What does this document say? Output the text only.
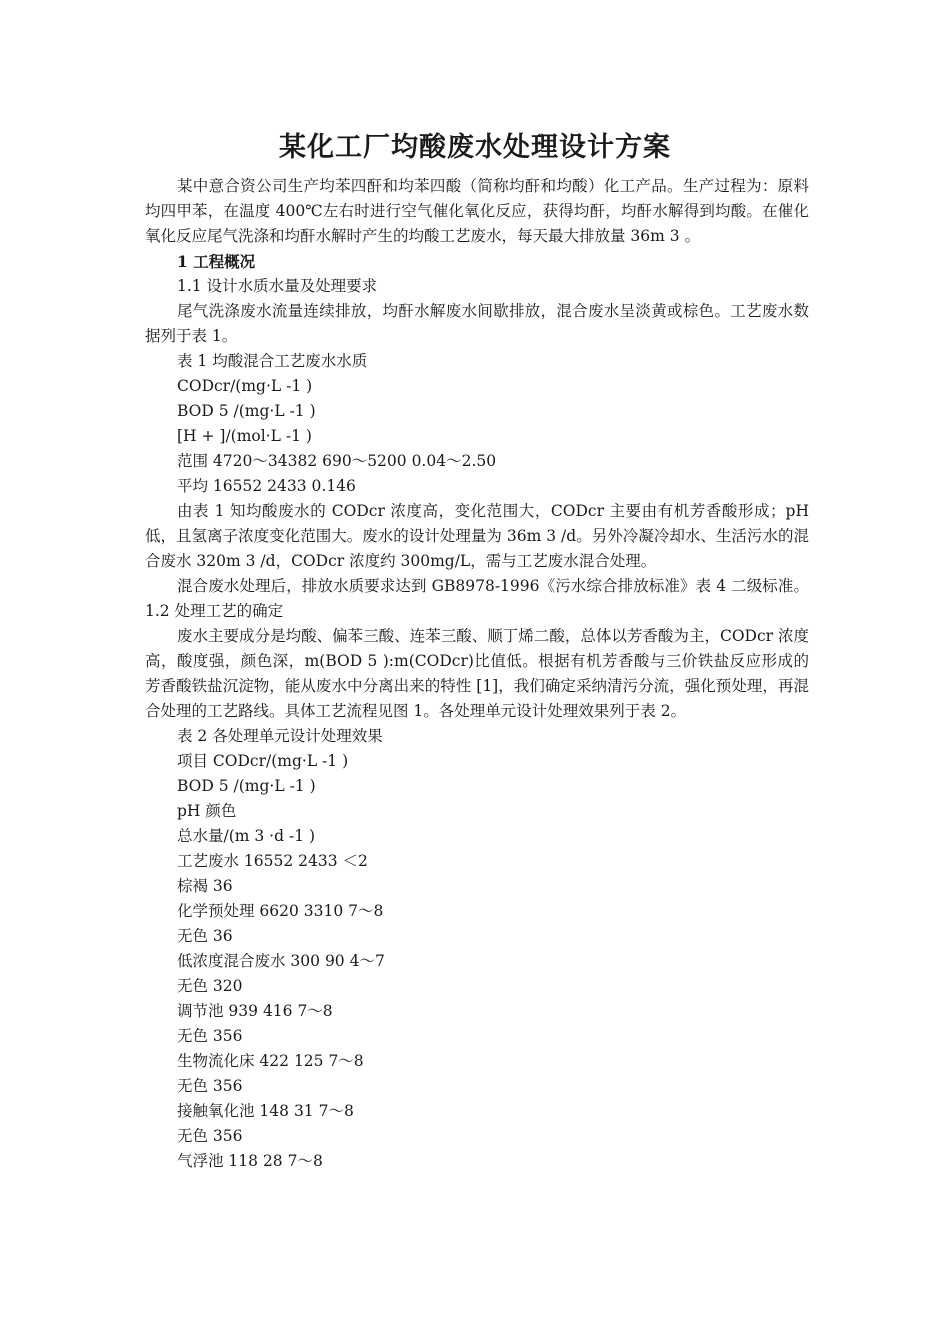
某化工厂均酸废水处理设计方案

某中意合资公司生产均苯四酐和均苯四酸（简称均酐和均酸）化工产品。生产过程为：原料均四甲苯，在温度 400℃左右时进行空气催化氧化反应，获得均酐，均酐水解得到均酸。在催化氧化反应尾气洗涤和均酐水解时产生的均酸工艺废水，每天最大排放量 36m 3 。

1 工程概况
1.1 设计水质水量及处理要求

尾气洗涤废水流量连续排放，均酐水解废水间歇排放，混合废水呈淡黄或棕色。工艺废水数据列于表 1。

表 1 均酸混合工艺废水水质
CODcr/(mg·L -1 )
BOD 5 /(mg·L -1 )
[H + ]/(mol·L -1 )
范围 4720～34382 690～5200 0.04～2.50
平均 16552 2433 0.146

由表 1 知均酸废水的 CODcr 浓度高，变化范围大，CODcr 主要由有机芳香酸形成；pH 低，且氢离子浓度变化范围大。废水的设计处理量为 36m 3 /d。另外冷凝冷却水、生活污水的混合废水 320m 3 /d，CODcr 浓度约 300mg/L，需与工艺废水混合处理。

混合废水处理后，排放水质要求达到 GB8978-1996《污水综合排放标准》表 4 二级标准。 1.2 处理工艺的确定

废水主要成分是均酸、偏苯三酸、连苯三酸、顺丁烯二酸，总体以芳香酸为主，CODcr 浓度高，酸度强，颜色深，m(BOD 5 ):m(CODcr)比值低。根据有机芳香酸与三价铁盐反应形成的芳香酸铁盐沉淀物，能从废水中分离出来的特性 [1]，我们确定采纳清污分流，强化预处理，再混合处理的工艺路线。具体工艺流程见图 1。各处理单元设计处理效果列于表 2。

表 2 各处理单元设计处理效果
项目 CODcr/(mg·L -1 )
BOD 5 /(mg·L -1 )
pH 颜色
总水量/(m 3 ·d -1 )
工艺废水 16552 2433 ＜2
棕褐 36
化学预处理 6620 3310 7～8
无色 36
低浓度混合废水 300 90 4～7
无色 320
调节池 939 416 7～8
无色 356
生物流化床 422 125 7～8
无色 356
接触氧化池 148 31 7～8
无色 356
气浮池 118 28 7～8
